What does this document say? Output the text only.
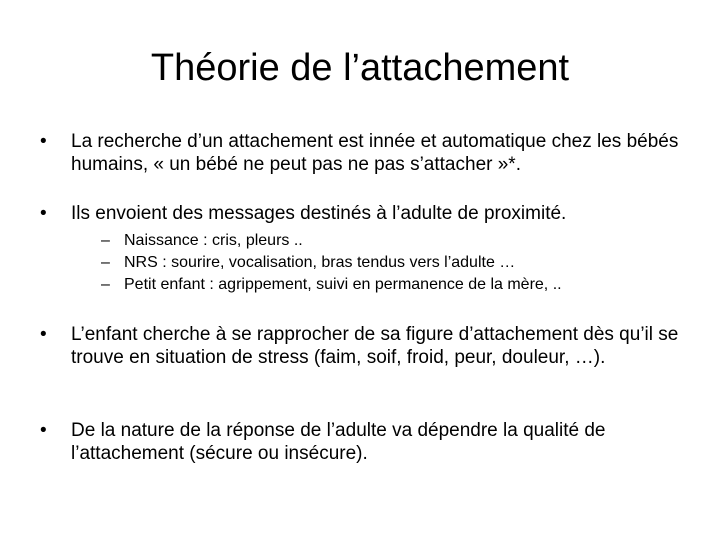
Théorie de l’attachement
•	La recherche d’un attachement est innée et automatique chez les bébés humains, « un bébé ne peut pas ne pas s’attacher »*.
•	Ils envoient des messages destinés à l’adulte de proximité.
– Naissance : cris, pleurs ..
– NRS : sourire, vocalisation, bras tendus vers l’adulte …
– Petit enfant : agrippement, suivi en permanence de la mère, ..
•	L’enfant cherche à se rapprocher de sa figure d’attachement dès qu’il se trouve en situation de stress (faim, soif, froid, peur, douleur, …).
•	De la nature de la réponse de l’adulte va dépendre la qualité de l’attachement (sécure ou insécure).
